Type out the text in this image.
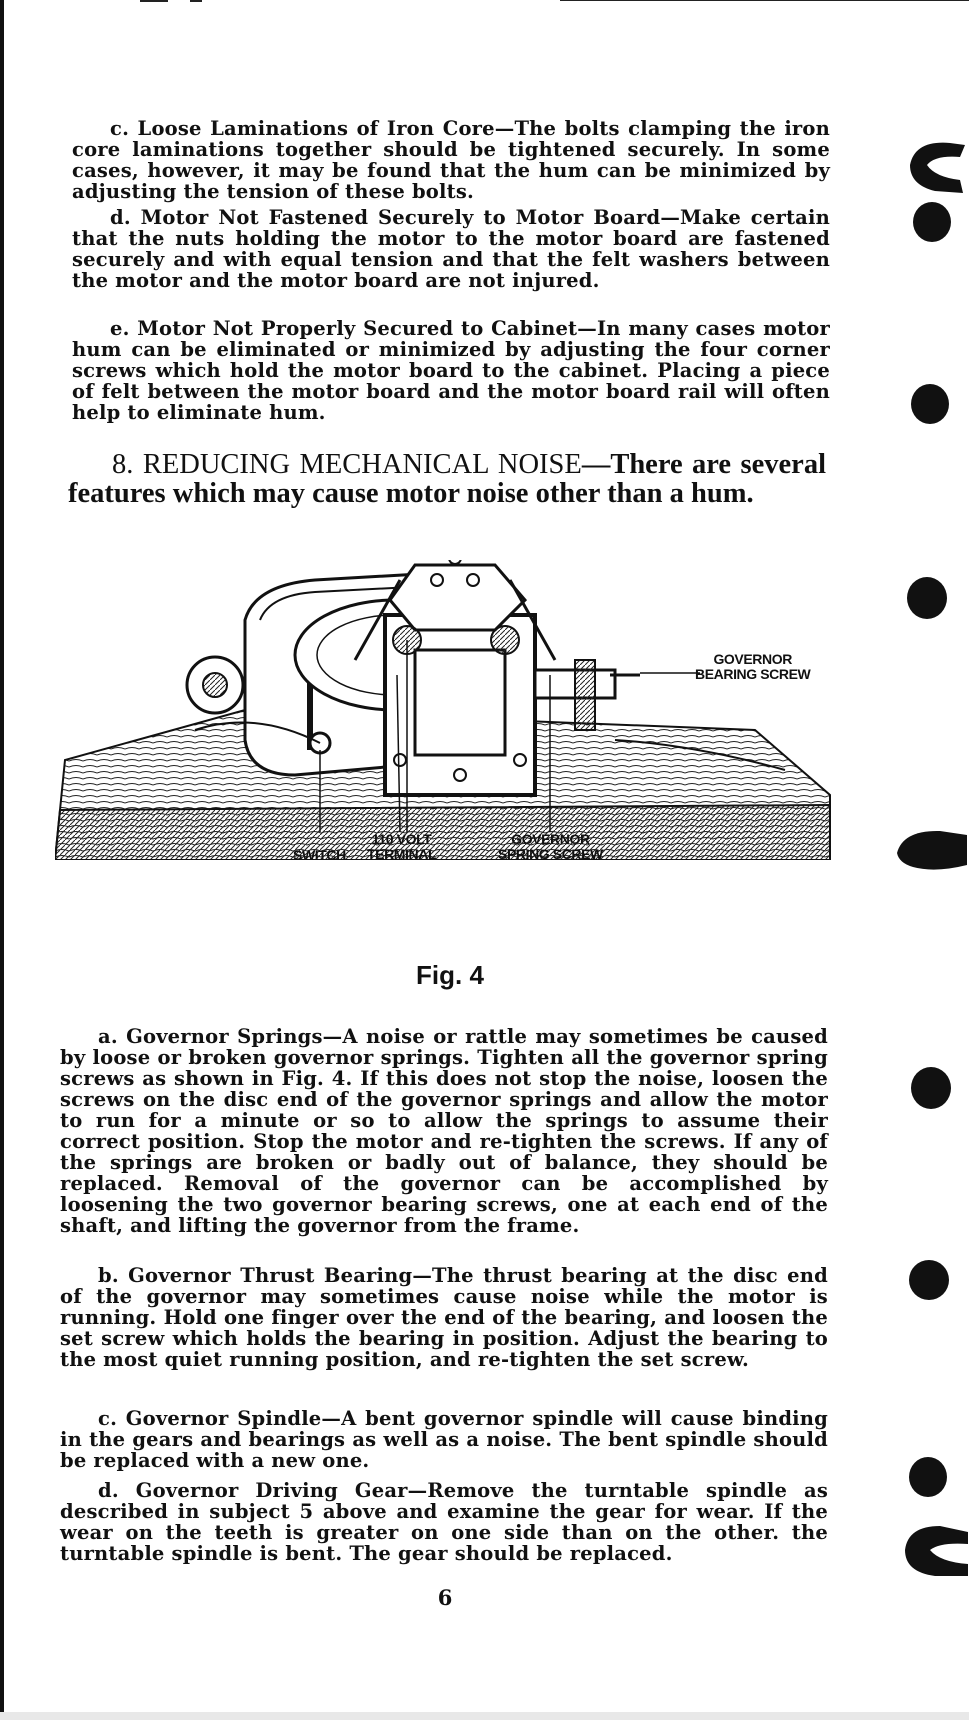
c. Loose Laminations of Iron Core—The bolts clamping the iron core laminations together should be tightened securely. In some cases, however, it may be found that the hum can be minimized by adjusting the tension of these bolts.

d. Motor Not Fastened Securely to Motor Board—Make certain that the nuts holding the motor to the motor board are fastened securely and with equal tension and that the felt washers between the motor and the motor board are not injured.

e. Motor Not Properly Secured to Cabinet—In many cases motor hum can be eliminated or minimized by adjusting the four corner screws which hold the motor board to the cabinet. Placing a piece of felt between the motor board and the motor board rail will often help to eliminate hum.

8. REDUCING MECHANICAL NOISE—There are several features which may cause motor noise other than a hum.

GOVERNOR
BEARING SCREW
SWITCH
110 VOLT
TERMINAL
GOVERNOR
SPRING SCREW
Fig. 4

a. Governor Springs—A noise or rattle may sometimes be caused by loose or broken governor springs. Tighten all the governor spring screws as shown in Fig. 4. If this does not stop the noise, loosen the screws on the disc end of the governor springs and allow the motor to run for a minute or so to allow the springs to assume their correct position. Stop the motor and re-tighten the screws. If any of the springs are broken or badly out of balance, they should be replaced. Removal of the governor can be accomplished by loosening the two governor bearing screws, one at each end of the shaft, and lifting the governor from the frame.

b. Governor Thrust Bearing—The thrust bearing at the disc end of the governor may sometimes cause noise while the motor is running. Hold one finger over the end of the bearing, and loosen the set screw which holds the bearing in position. Adjust the bearing to the most quiet running position, and re-tighten the set screw.

c. Governor Spindle—A bent governor spindle will cause binding in the gears and bearings as well as a noise. The bent spindle should be replaced with a new one.

d. Governor Driving Gear—Remove the turntable spindle as described in subject 5 above and examine the gear for wear. If the wear on the teeth is greater on one side than on the other. the turntable spindle is bent. The gear should be replaced.

6
